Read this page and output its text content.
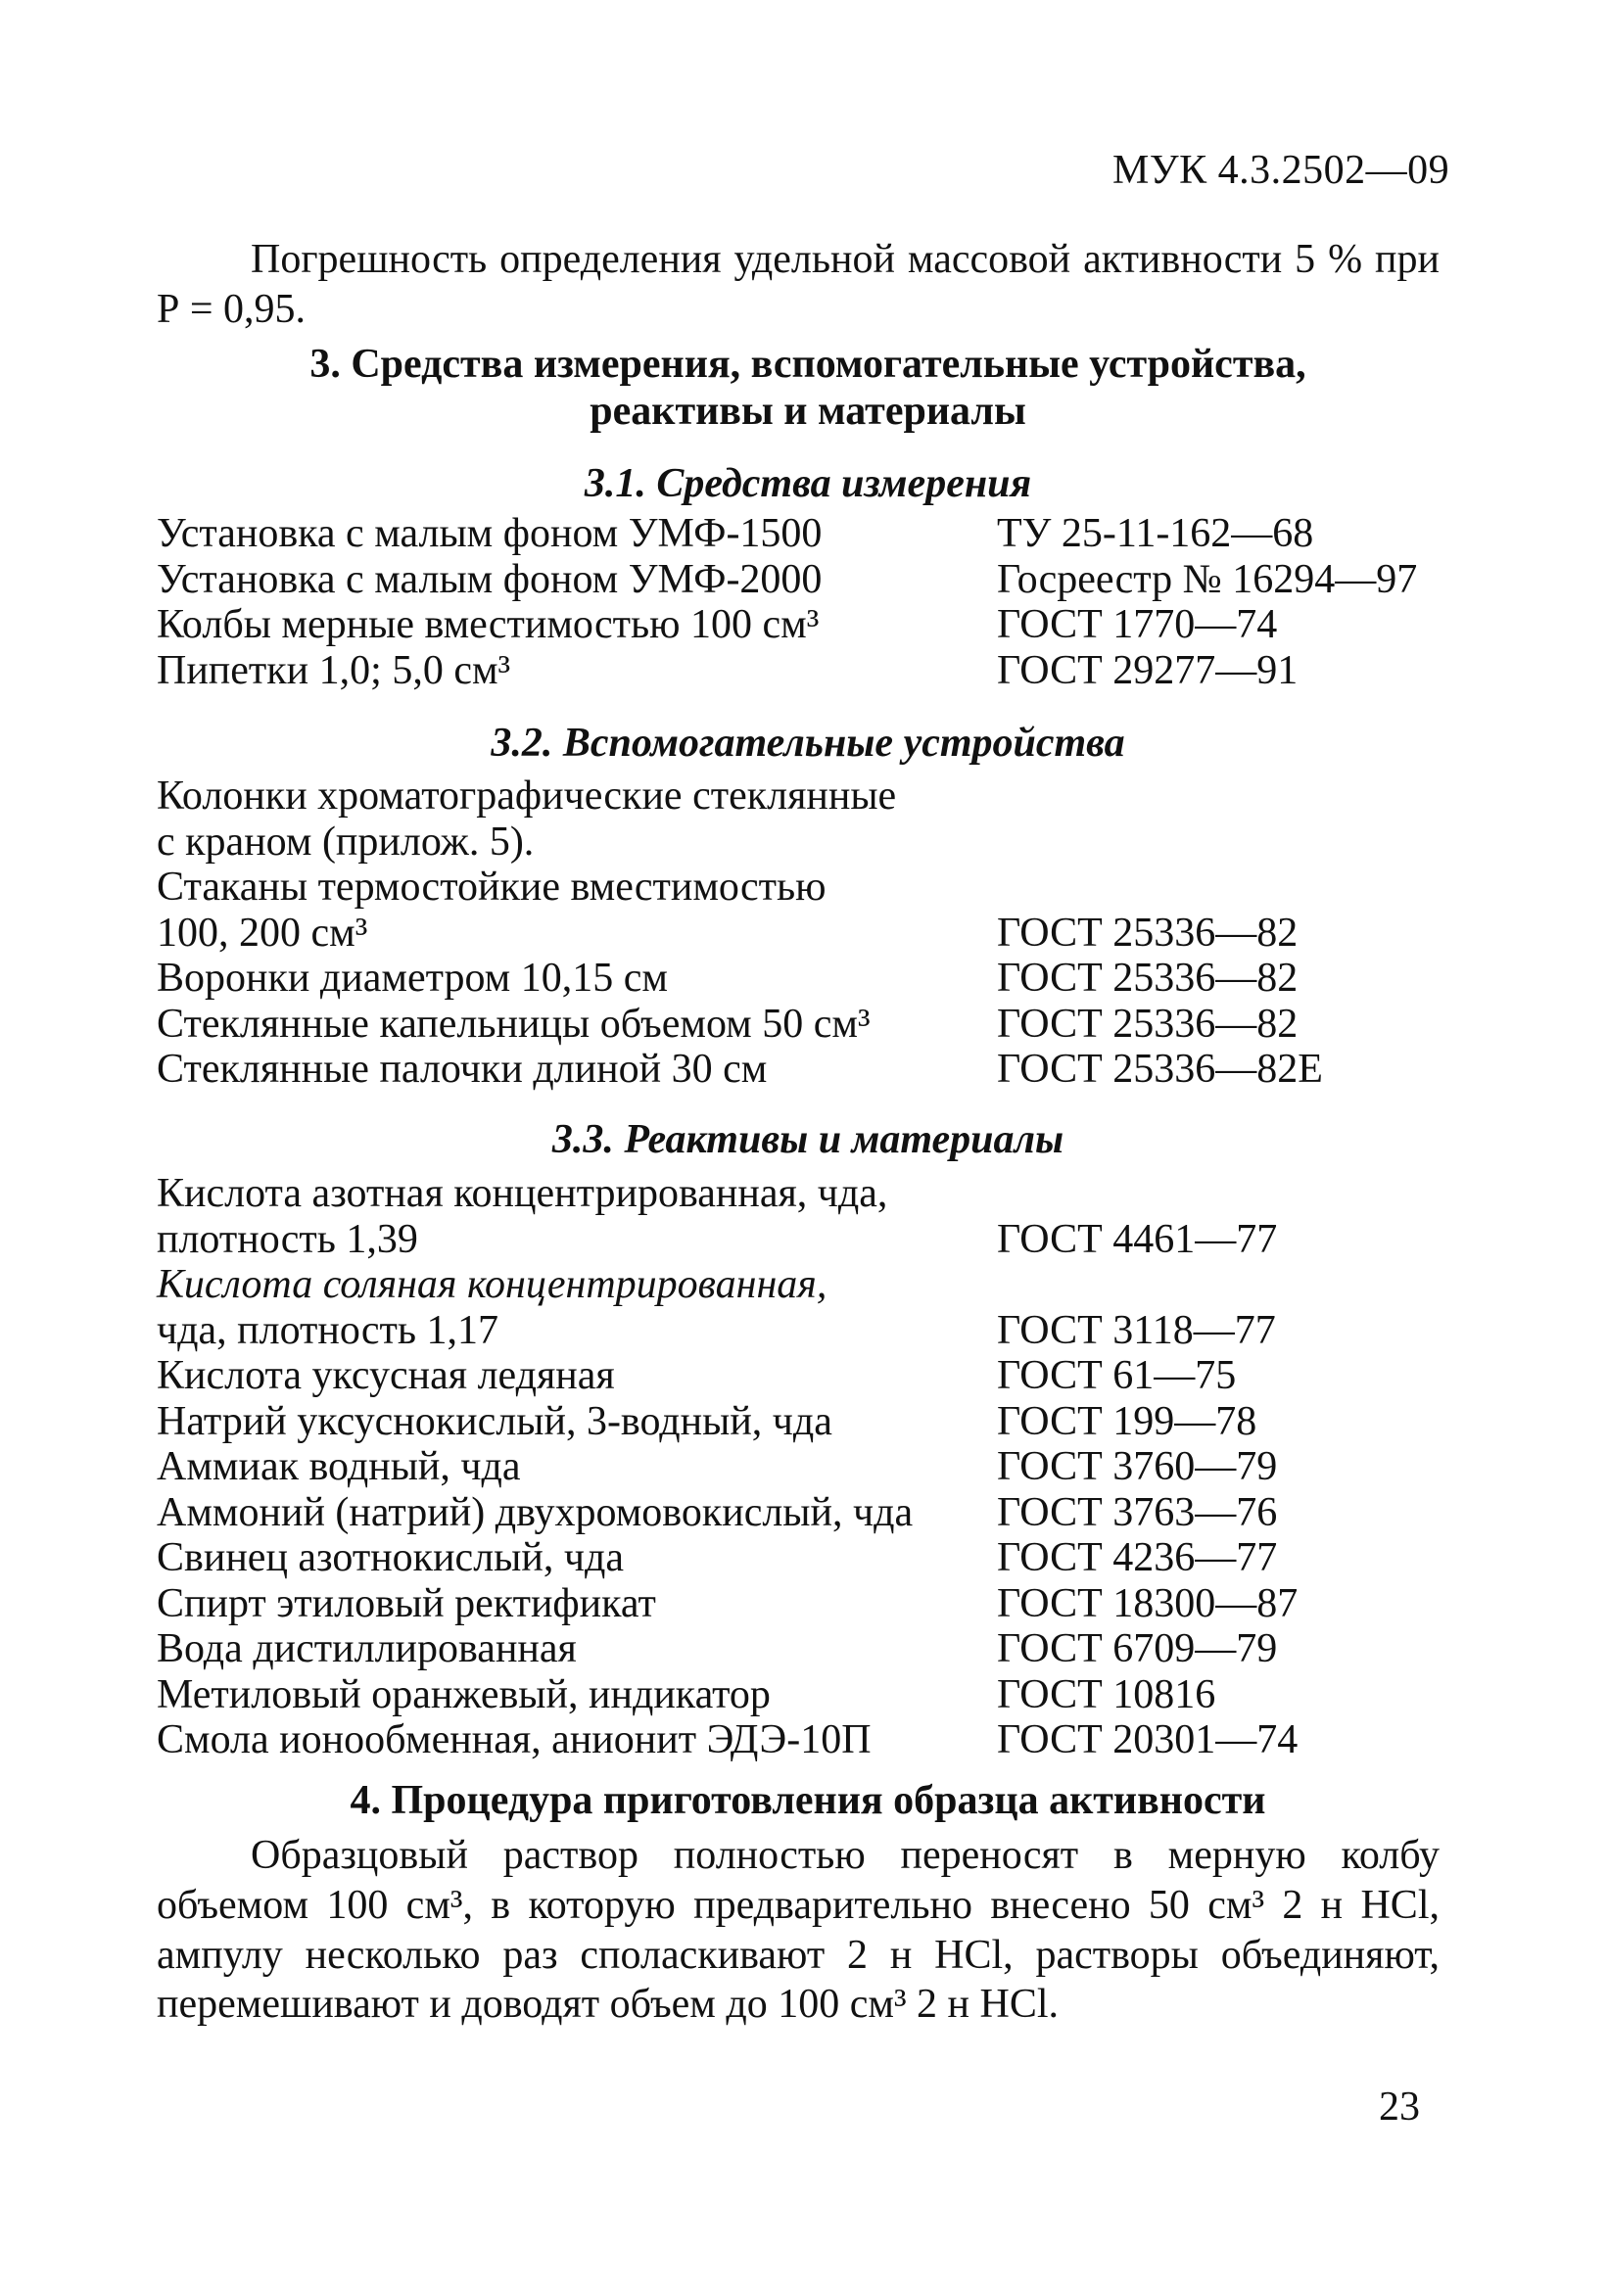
МУК 4.3.2502—09
Погрешность определения удельной массовой активности 5 % при Р = 0,95.
3. Средства измерения, вспомогательные устройства,
реактивы и материалы
3.1. Средства измерения
Установка с малым фоном УМФ-1500	ТУ 25-11-162—68
Установка с малым фоном УМФ-2000	Госреестр № 16294—97
Колбы мерные вместимостью 100 см³	ГОСТ 1770—74
Пипетки 1,0; 5,0 см³	ГОСТ 29277—91
3.2. Вспомогательные устройства
Колонки хроматографические стеклянные
с краном (прилож. 5).
Стаканы термостойкие вместимостью
100, 200 см³	ГОСТ 25336—82
Воронки диаметром 10,15 см	ГОСТ 25336—82
Стеклянные капельницы объемом 50 см³	ГОСТ 25336—82
Стеклянные палочки длиной 30 см	ГОСТ 25336—82Е
3.3. Реактивы и материалы
Кислота азотная концентрированная, чда,
плотность 1,39	ГОСТ 4461—77
Кислота соляная концентрированная,
чда, плотность 1,17	ГОСТ 3118—77
Кислота уксусная ледяная	ГОСТ 61—75
Натрий уксуснокислый, 3-водный, чда	ГОСТ 199—78
Аммиак водный, чда	ГОСТ 3760—79
Аммоний (натрий) двухромовокислый, чда ГОСТ 3763—76
Свинец азотнокислый, чда	ГОСТ 4236—77
Спирт этиловый ректификат	ГОСТ 18300—87
Вода дистиллированная	ГОСТ 6709—79
Метиловый оранжевый, индикатор	ГОСТ 10816
Смола ионообменная, анионит ЭДЭ-10П	ГОСТ 20301—74
4. Процедура приготовления образца активности
Образцовый раствор полностью переносят в мерную колбу объемом 100 см³, в которую предварительно внесено 50 см³ 2 н HCl, ампулу несколько раз споласкивают 2 н HCl, растворы объединяют, перемешивают и доводят объем до 100 см³ 2 н HCl.
23
